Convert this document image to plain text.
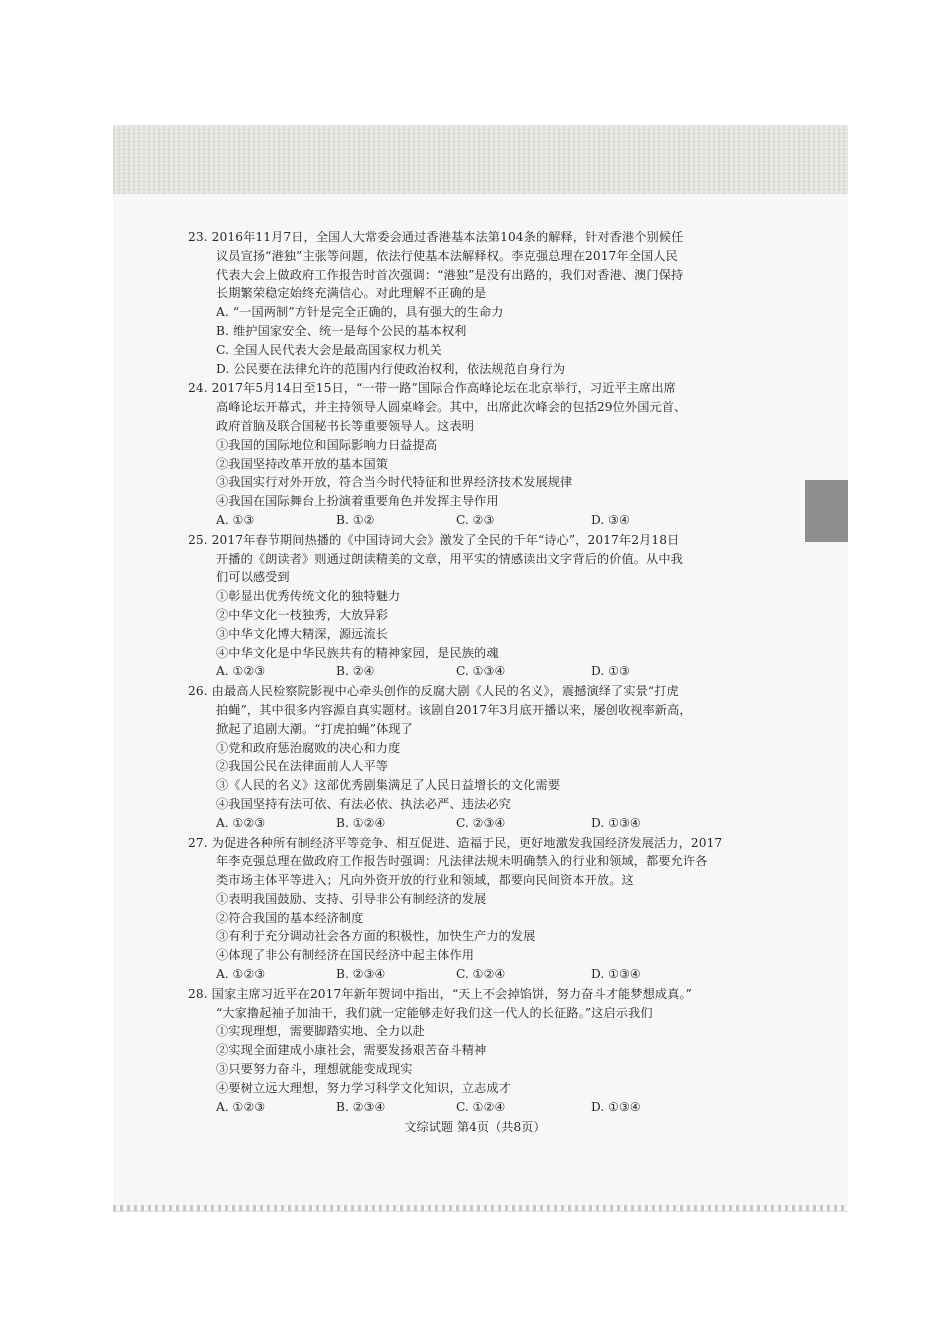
23. 2016年11月7日，全国人大常委会通过香港基本法第104条的解释，针对香港个别候任
议员宣扬“港独”主张等问题，依法行使基本法解释权。李克强总理在2017年全国人民
代表大会上做政府工作报告时首次强调：“港独”是没有出路的，我们对香港、澳门保持
长期繁荣稳定始终充满信心。对此理解不正确的是
A. “一国两制”方针是完全正确的，具有强大的生命力
B. 维护国家安全、统一是每个公民的基本权利
C. 全国人民代表大会是最高国家权力机关
D. 公民要在法律允许的范围内行使政治权利，依法规范自身行为
24. 2017年5月14日至15日，“一带一路”国际合作高峰论坛在北京举行，习近平主席出席
高峰论坛开幕式，并主持领导人圆桌峰会。其中，出席此次峰会的包括29位外国元首、
政府首脑及联合国秘书长等重要领导人。这表明
①我国的国际地位和国际影响力日益提高
②我国坚持改革开放的基本国策
③我国实行对外开放，符合当今时代特征和世界经济技术发展规律
④我国在国际舞台上扮演着重要角色并发挥主导作用
A. ①③	B. ①②	C. ②③	D. ③④
25. 2017年春节期间热播的《中国诗词大会》激发了全民的千年“诗心”，2017年2月18日
开播的《朗读者》则通过朗读精美的文章，用平实的情感读出文字背后的价值。从中我
们可以感受到
①彰显出优秀传统文化的独特魅力
②中华文化一枝独秀，大放异彩
③中华文化博大精深，源远流长
④中华文化是中华民族共有的精神家园，是民族的魂
A. ①②③	B. ②④	C. ①③④	D. ①③
26. 由最高人民检察院影视中心牵头创作的反腐大剧《人民的名义》，震撼演绎了实景“打虎
拍蝇”，其中很多内容源自真实题材。该剧自2017年3月底开播以来，屡创收视率新高，
掀起了追剧大潮。“打虎拍蝇”体现了
①党和政府惩治腐败的决心和力度
②我国公民在法律面前人人平等
③《人民的名义》这部优秀剧集满足了人民日益增长的文化需要
④我国坚持有法可依、有法必依、执法必严、违法必究
A. ①②③	B. ①②④	C. ②③④	D. ①③④
27. 为促进各种所有制经济平等竞争、相互促进、造福于民，更好地激发我国经济发展活力，2017
年李克强总理在做政府工作报告时强调：凡法律法规未明确禁入的行业和领域，都要允许各
类市场主体平等进入；凡向外资开放的行业和领域，都要向民间资本开放。这
①表明我国鼓励、支持、引导非公有制经济的发展
②符合我国的基本经济制度
③有利于充分调动社会各方面的积极性，加快生产力的发展
④体现了非公有制经济在国民经济中起主体作用
A. ①②③	B. ②③④	C. ①②④	D. ①③④
28. 国家主席习近平在2017年新年贺词中指出，“天上不会掉馅饼，努力奋斗才能梦想成真。”
“大家撸起袖子加油干，我们就一定能够走好我们这一代人的长征路。”这启示我们
①实现理想，需要脚踏实地、全力以赴
②实现全面建成小康社会，需要发扬艰苦奋斗精神
③只要努力奋斗，理想就能变成现实
④要树立远大理想，努力学习科学文化知识，立志成才
A. ①②③	B. ②③④	C. ①②④	D. ①③④
文综试题 第4页（共8页）
